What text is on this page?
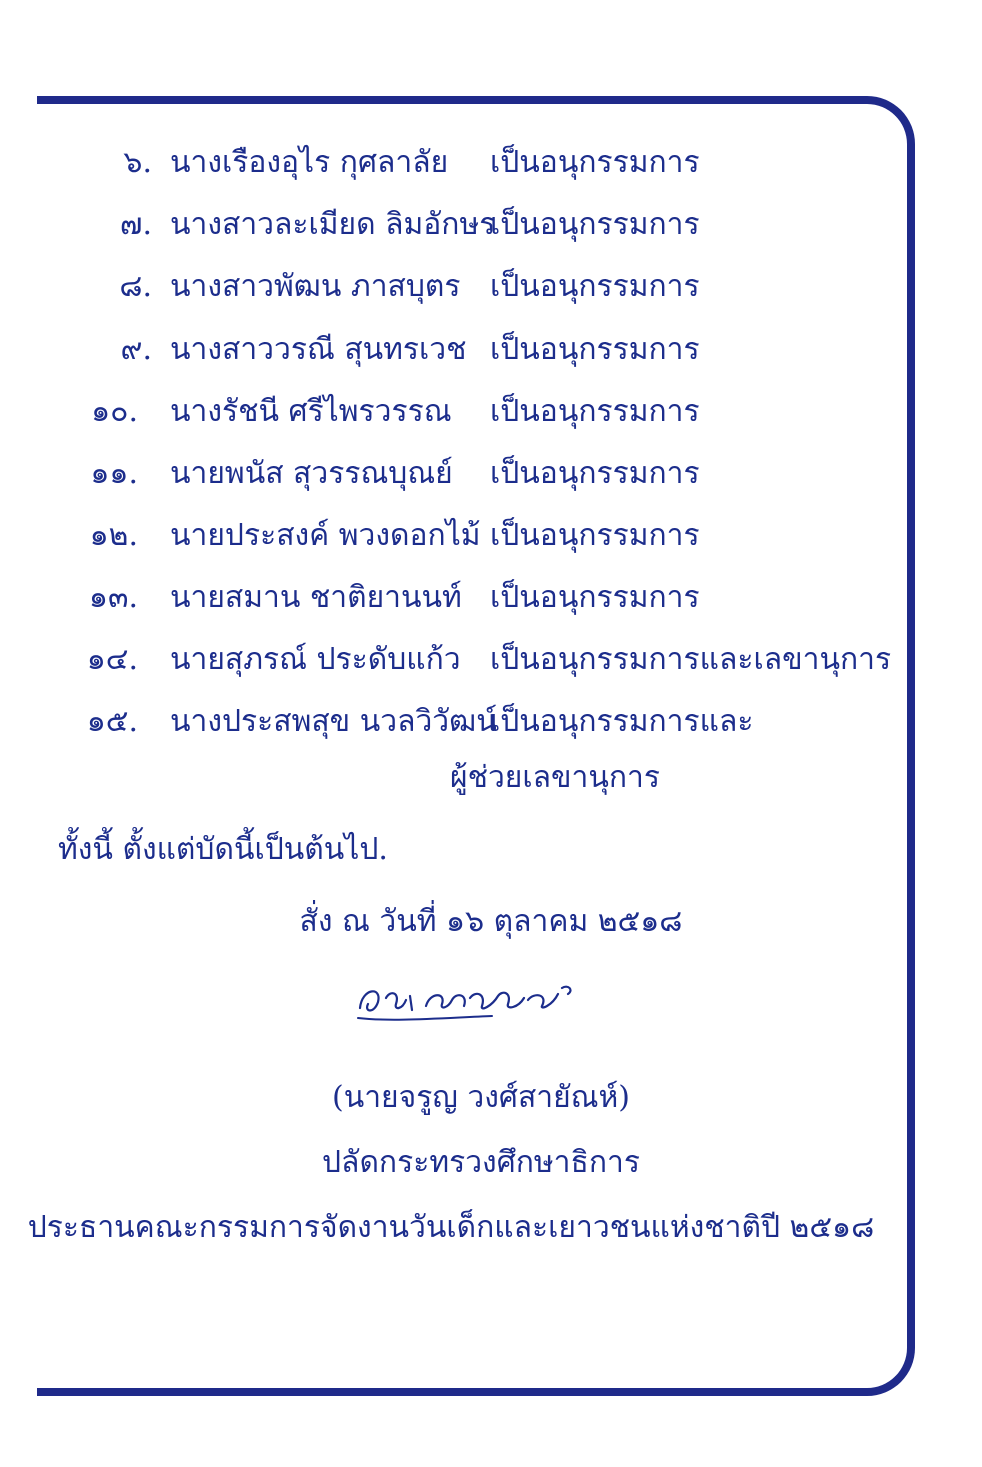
๖. นางเรืองอุไร กุศลาลัย เป็นอนุกรรมการ
๗. นางสาวละเมียด ลิมอักษร
เป็นอนุกรรมการ
๘. นางสาวพัฒน ภาสบุตร เป็นอนุกรรมการ
๙. นางสาววรณี สุนทรเวช เป็นอนุกรรมการ
๑๐. นางรัชนี ศรีไพรวรรณ เป็นอนุกรรมการ
๑๑. นายพนัส สุวรรณบุณย์ เป็นอนุกรรมการ
๑๒. นายประสงค์ พวงดอกไม้ เป็นอนุกรรมการ
๑๓. นายสมาน ชาติยานนท์ เป็นอนุกรรมการ
๑๔. นายสุภรณ์ ประดับแก้ว เป็นอนุกรรมการและเลขานุการ
๑๕. นางประสพสุข นวลวิวัฒน์
เป็นอนุกรรมการและ
ผู้ช่วยเลขานุการ
ทั้งนี้ ตั้งแต่บัดนี้เป็นต้นไป.
สั่ง ณ วันที่ ๑๖ ตุลาคม ๒๕๑๘
(นายจรูญ วงศ์สายัณห์)
ปลัดกระทรวงศึกษาธิการ
ประธานคณะกรรมการจัดงานวันเด็กและเยาวชนแห่งชาติปี ๒๕๑๘
